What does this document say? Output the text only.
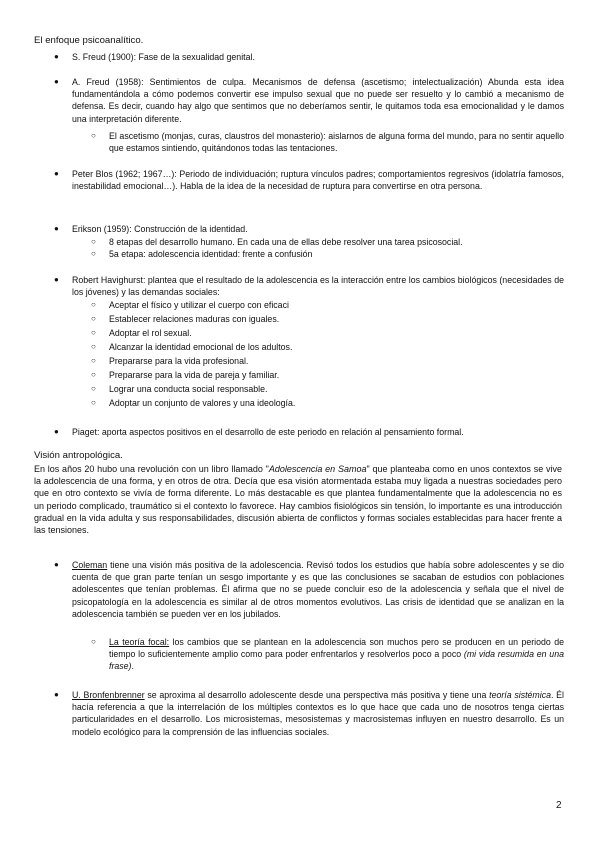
El enfoque psicoanalítico.
● S. Freud (1900): Fase de la sexualidad genital.
● A. Freud (1958): Sentimientos de culpa. Mecanismos de defensa (ascetismo; intelectualización) Abunda esta idea fundamentándola a cómo podemos convertir ese impulso sexual que no puede ser resuelto y lo cambió a mecanismo de defensa. Es decir, cuando hay algo que sentimos que no deberíamos sentir, le quitamos toda esa emocionalidad y le damos una interpretación diferente.
○ El ascetismo (monjas, curas, claustros del monasterio): aislarnos de alguna forma del mundo, para no sentir aquello que estamos sintiendo, quitándonos todas las tentaciones.
● Peter Blos (1962; 1967…): Periodo de individuación; ruptura vínculos padres; comportamientos regresivos (idolatría famosos, inestabilidad emocional…). Habla de la idea de la necesidad de ruptura para convertirse en otra persona.
● Erikson (1959): Construcción de la identidad.
○ 8 etapas del desarrollo humano. En cada una de ellas debe resolver una tarea psicosocial.
○ 5a etapa: adolescencia identidad: frente a confusión
● Robert Havighurst: plantea que el resultado de la adolescencia es la interacción entre los cambios biológicos (necesidades de los jóvenes) y las demandas sociales:
○ Aceptar el físico y utilizar el cuerpo con eficaci
○ Establecer relaciones maduras con iguales.
○ Adoptar el rol sexual.
○ Alcanzar la identidad emocional de los adultos.
○ Prepararse para la vida profesional.
○ Prepararse para la vida de pareja y familiar.
○ Lograr una conducta social responsable.
○ Adoptar un conjunto de valores y una ideología.
● Piaget: aporta aspectos positivos en el desarrollo de este periodo en relación al pensamiento formal.
Visión antropológica.
En los años 20 hubo una revolución con un libro llamado "Adolescencia en Samoa" que planteaba como en unos contextos se vive la adolescencia de una forma, y en otros de otra. Decía que esa visión atormentada estaba muy ligada a nuestras sociedades pero que en otro contexto se vivía de forma diferente. Lo más destacable es que plantea fundamentalmente que la adolescencia no es un periodo complicado, traumático si el contexto lo favorece. Hay cambios fisiológicos sin tensión, lo importante es una introducción gradual en la vida adulta y sus responsabilidades, discusión abierta de conflictos y formas sociales establecidas para hacer frente a las tensiones.
● Coleman tiene una visión más positiva de la adolescencia. Revisó todos los estudios que había sobre adolescentes y se dio cuenta de que gran parte tenían un sesgo importante y es que las conclusiones se sacaban de estudios con poblaciones adolescentes que tenían problemas. Él afirma que no se puede concluir eso de la adolescencia y señala que el nivel de psicopatología en la adolescencia es similar al de otros momentos evolutivos. Las crisis de identidad que se analizan en la adolescencia también se pueden ver en los jubilados.
○ La teoría focal: los cambios que se plantean en la adolescencia son muchos pero se producen en un periodo de tiempo lo suficientemente amplio como para poder enfrentarlos y resolverlos poco a poco (mi vida resumida en una frase).
● U. Bronfenbrenner se aproxima al desarrollo adolescente desde una perspectiva más positiva y tiene una teoría sistémica. Él hacía referencia a que la interrelación de los múltiples contextos es lo que hace que cada uno de nosotros tenga ciertas particularidades en el desarrollo. Los microsistemas, mesosistemas y macrosistemas influyen en nuestro desarrollo. Es un modelo ecológico para la comprensión de las influencias sociales.
2
